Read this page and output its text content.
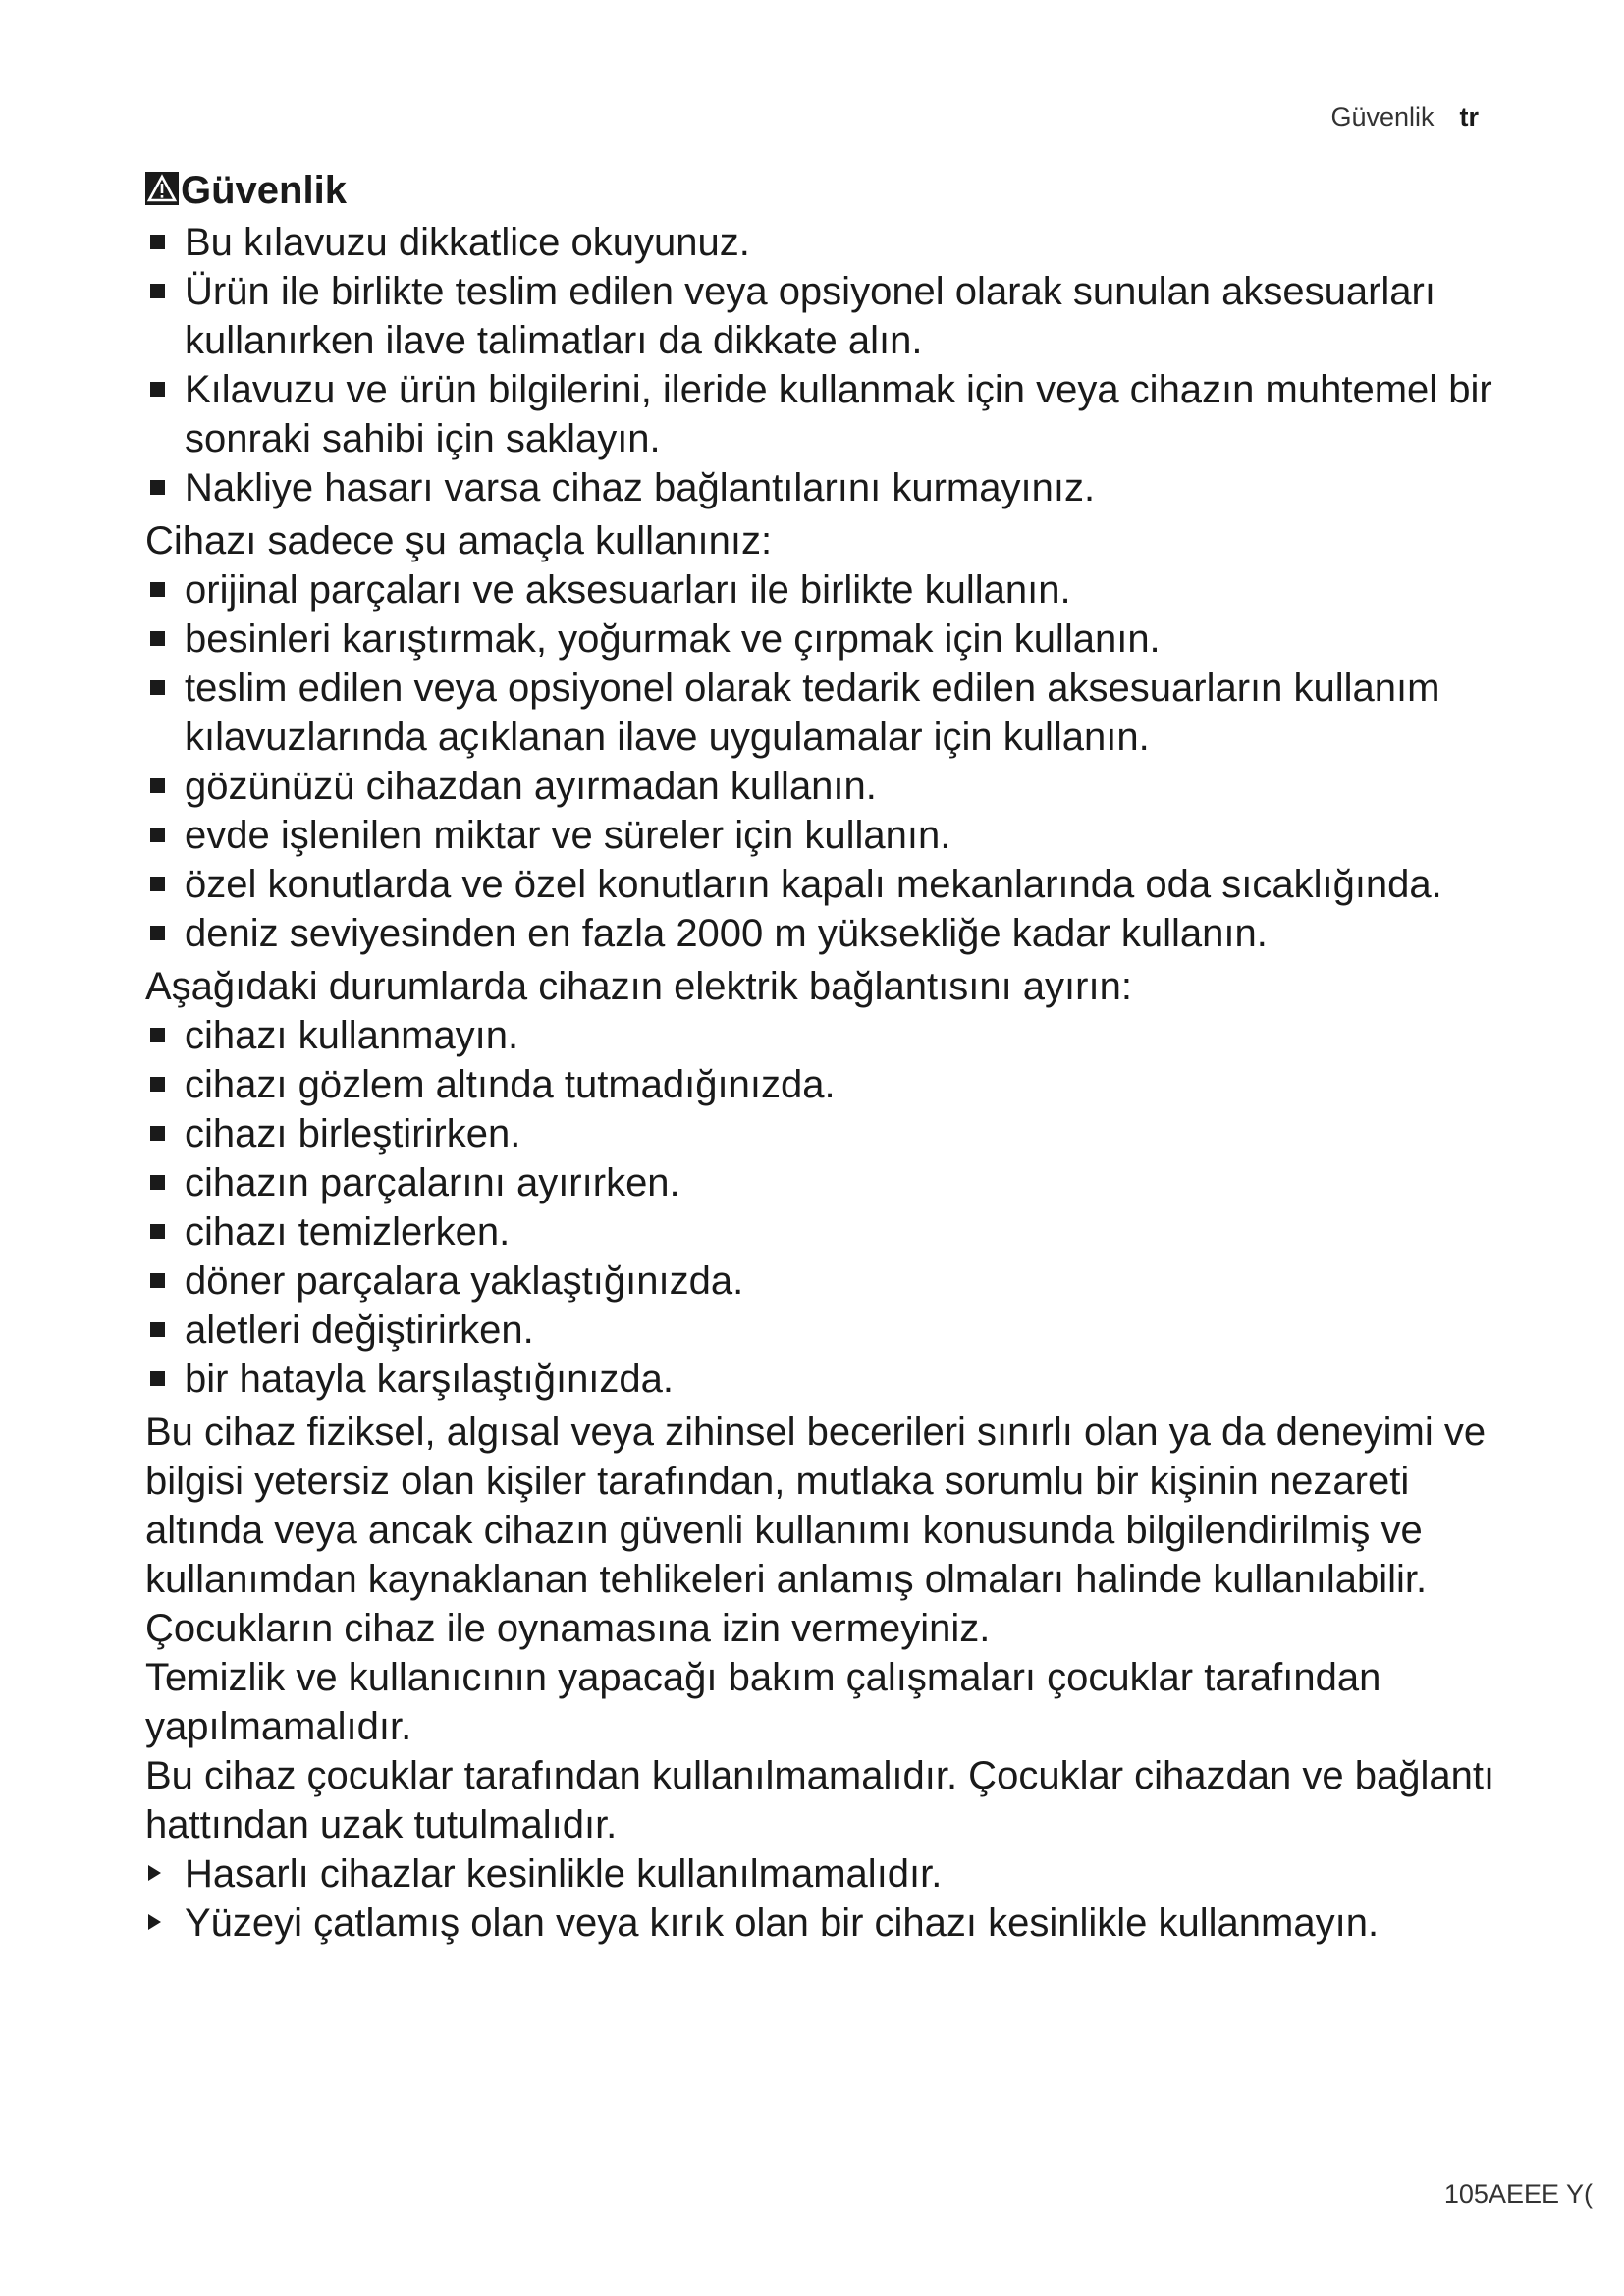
Güvenlik tr
Güvenlik
Bu kılavuzu dikkatlice okuyunuz.
Ürün ile birlikte teslim edilen veya opsiyonel olarak sunulan aksesuarları kullanırken ilave talimatları da dikkate alın.
Kılavuzu ve ürün bilgilerini, ileride kullanmak için veya cihazın muhtemel bir sonraki sahibi için saklayın.
Nakliye hasarı varsa cihaz bağlantılarını kurmayınız.

Cihazı sadece şu amaçla kullanınız:

orijinal parçaları ve aksesuarları ile birlikte kullanın.
besinleri karıştırmak, yoğurmak ve çırpmak için kullanın.
teslim edilen veya opsiyonel olarak tedarik edilen aksesuarların kullanım kılavuzlarında açıklanan ilave uygulamalar için kullanın.
gözünüzü cihazdan ayırmadan kullanın.
evde işlenilen miktar ve süreler için kullanın.
özel konutlarda ve özel konutların kapalı mekanlarında oda sıcaklığında.
deniz seviyesinden en fazla 2000 m yüksekliğe kadar kullanın.

Aşağıdaki durumlarda cihazın elektrik bağlantısını ayırın:

cihazı kullanmayın.
cihazı gözlem altında tutmadığınızda.
cihazı birleştirirken.
cihazın parçalarını ayırırken.
cihazı temizlerken.
döner parçalara yaklaştığınızda.
aletleri değiştirirken.
bir hatayla karşılaştığınızda.

Bu cihaz fiziksel, algısal veya zihinsel becerileri sınırlı olan ya da deneyimi ve bilgisi yetersiz olan kişiler tarafından, mutlaka sorumlu bir kişinin nezareti altında veya ancak cihazın güvenli kullanımı konusunda bilgilendirilmiş ve kullanımdan kaynaklanan tehlikeleri anlamış olmaları halinde kullanılabilir.

Çocukların cihaz ile oynamasına izin vermeyiniz.

Temizlik ve kullanıcının yapacağı bakım çalışmaları çocuklar tarafından yapılmamalıdır.

Bu cihaz çocuklar tarafından kullanılmamalıdır. Çocuklar cihazdan ve bağlantı hattından uzak tutulmalıdır.

Hasarlı cihazlar kesinlikle kullanılmamalıdır.
Yüzeyi çatlamış olan veya kırık olan bir cihazı kesinlikle kullanmayın.
105AEEE Y(
